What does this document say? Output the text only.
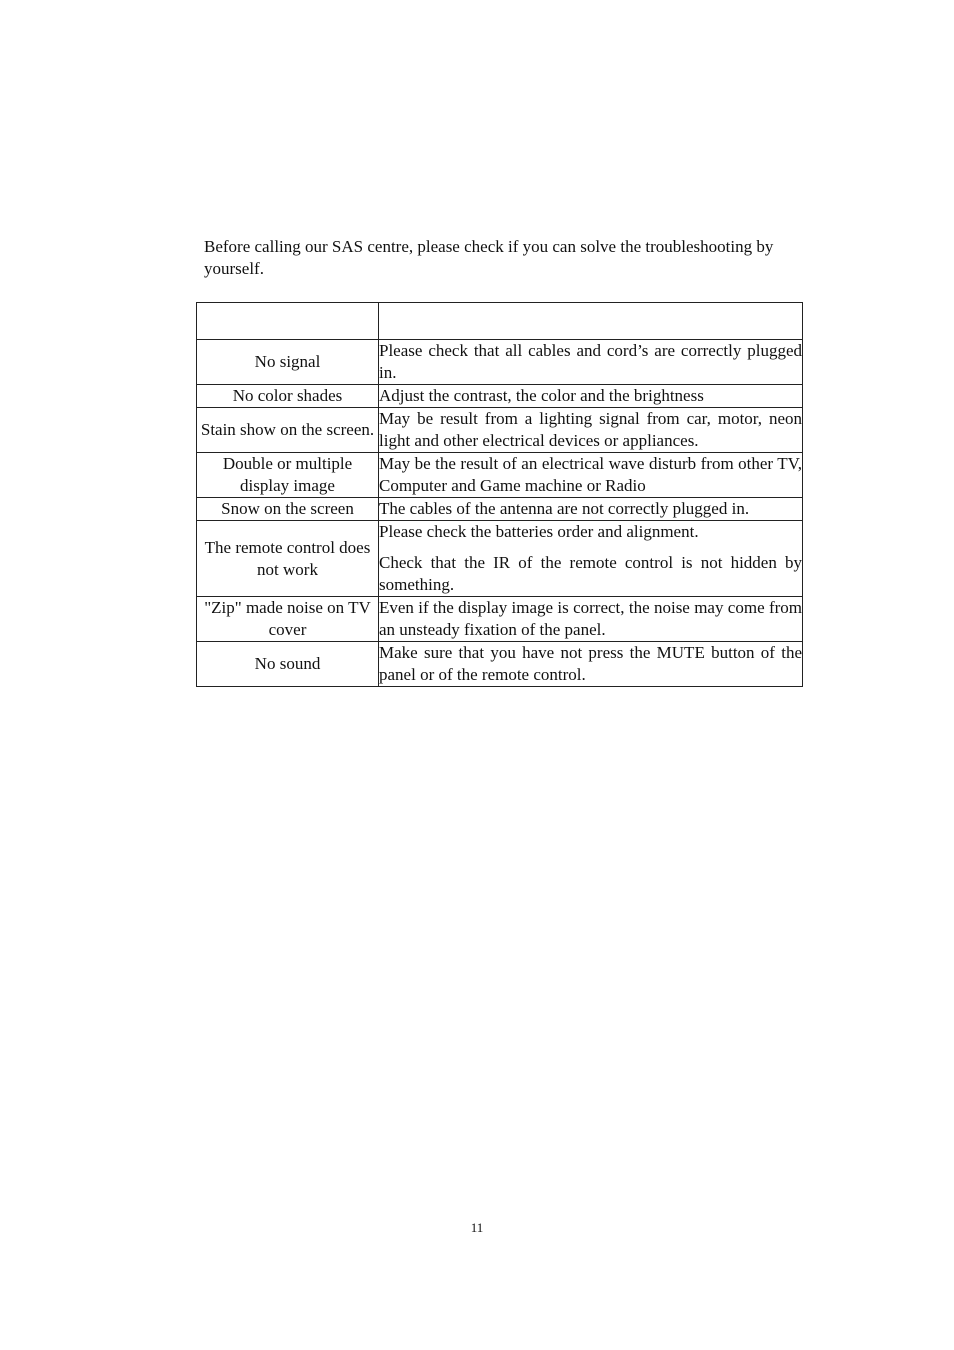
Before calling our SAS centre, please check if you can solve the troubleshooting by yourself.

No signal	Please check that all cables and cord’s are correctly plugged in.

No color shades	Adjust the contrast, the color and the brightness

Stain show on the screen.	May be result from a lighting signal from car, motor, neon light and other electrical devices or appliances.

Double or multiple display image	May be the result of an electrical wave disturb from other TV, Computer and Game machine or Radio

Snow on the screen	The cables of the antenna are not correctly plugged in.

The remote control does not work	Please check the batteries order and alignment.

Check that the IR of the remote control is not hidden by something.

"Zip" made noise on TV cover	Even if the display image is correct, the noise may come from an unsteady fixation of the panel.

No sound	Make sure that you have not press the MUTE button of the panel or of the remote control.

11
